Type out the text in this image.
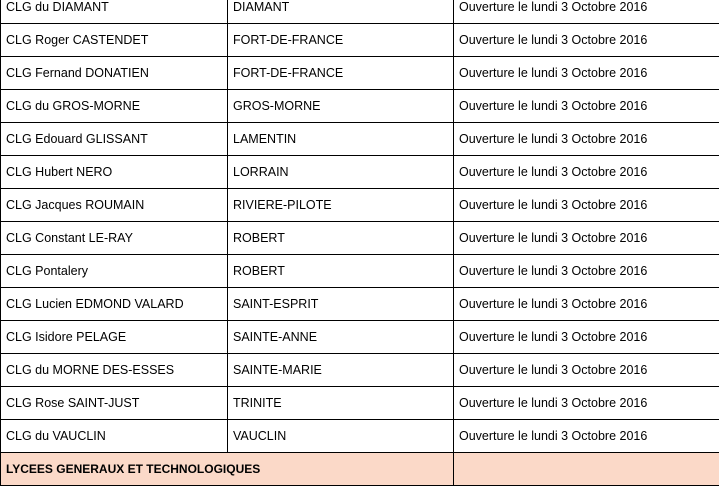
CLG du DIAMANT	DIAMANT	Ouverture le lundi 3 Octobre 2016
CLG Roger CASTENDET	FORT-DE-FRANCE	Ouverture le lundi 3 Octobre 2016
CLG Fernand DONATIEN	FORT-DE-FRANCE	Ouverture le lundi 3 Octobre 2016
CLG du GROS-MORNE	GROS-MORNE	Ouverture le lundi 3 Octobre 2016
CLG Edouard GLISSANT	LAMENTIN	Ouverture le lundi 3 Octobre 2016
CLG Hubert NERO	LORRAIN	Ouverture le lundi 3 Octobre 2016
CLG Jacques ROUMAIN	RIVIERE-PILOTE	Ouverture le lundi 3 Octobre 2016
CLG Constant LE-RAY	ROBERT	Ouverture le lundi 3 Octobre 2016
CLG Pontalery	ROBERT	Ouverture le lundi 3 Octobre 2016
CLG Lucien EDMOND VALARD	SAINT-ESPRIT	Ouverture le lundi 3 Octobre 2016
CLG Isidore PELAGE	SAINTE-ANNE	Ouverture le lundi 3 Octobre 2016
CLG du MORNE DES-ESSES	SAINTE-MARIE	Ouverture le lundi 3 Octobre 2016
CLG Rose SAINT-JUST	TRINITE	Ouverture le lundi 3 Octobre 2016
CLG du VAUCLIN	VAUCLIN	Ouverture le lundi 3 Octobre 2016
LYCEES GENERAUX ET TECHNOLOGIQUES		
